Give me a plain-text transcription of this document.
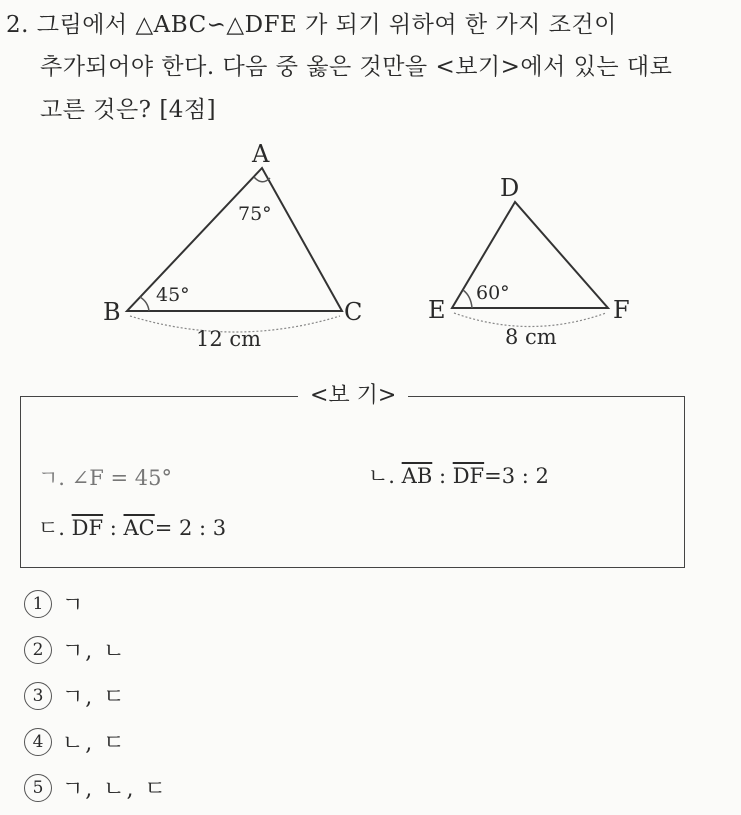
2. 그림에서 △ABC∽△DFE 가 되기 위하여 한 가지 조건이
추가되어야 한다. 다음 중 옳은 것만을 <보기>에서 있는 대로
고른 것은? [4점]
A
B	C
75°
45°
12 cm
D
E	F
60°
8 cm
<보 기>
ㄱ. ∠F = 45°	ㄴ. $\overline{AB}$ : $\overline{DF}=3$ : 2
ㄷ. $\overline{DF}$ : $\overline{AC}= 2$ : 3
1 ㄱ
2 ㄱ, ㄴ
3 ㄱ, ㄷ
4 ㄴ, ㄷ
5 ㄱ, ㄴ, ㄷ
